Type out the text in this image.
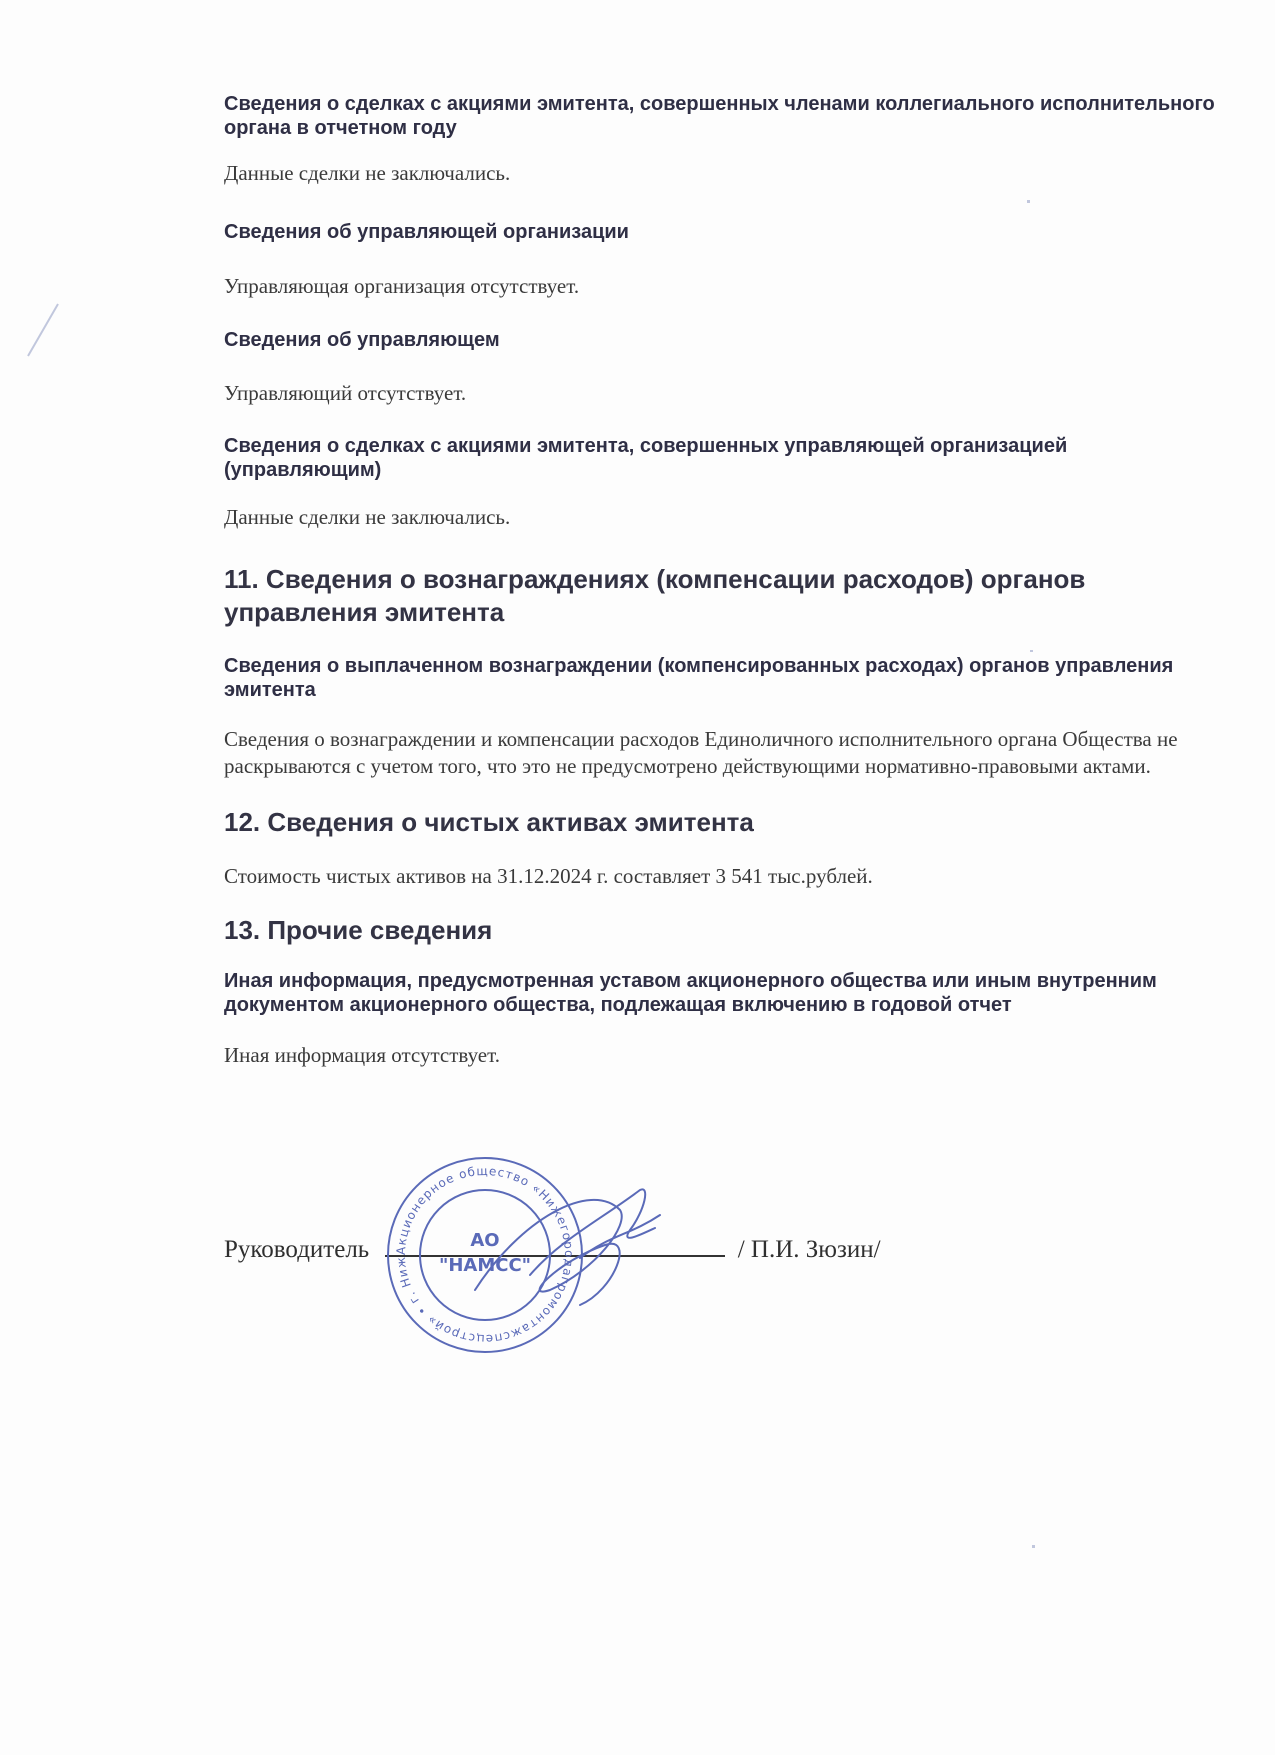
Сведения о сделках с акциями эмитента, совершенных членами коллегиального исполнительного органа в отчетном году

Данные сделки не заключались.

Сведения об управляющей организации

Управляющая организация отсутствует.

Сведения об управляющем

Управляющий отсутствует.

Сведения о сделках с акциями эмитента, совершенных управляющей организацией (управляющим)

Данные сделки не заключались.

11. Сведения о вознаграждениях (компенсации расходов) органов управления эмитента

Сведения о выплаченном вознаграждении (компенсированных расходах) органов управления эмитента

Сведения о вознаграждении и компенсации расходов Единоличного исполнительного органа Общества не раскрываются с учетом того, что это не предусмотрено действующими нормативно-правовыми актами.

12. Сведения о чистых активах эмитента

Стоимость чистых активов на 31.12.2024 г. составляет 3 541 тыс.рублей.

13. Прочие сведения

Иная информация, предусмотренная уставом акционерного общества или иным внутренним документом акционерного общества, подлежащая включению в годовой отчет

Иная информация отсутствует.

Руководитель	/ П.И. Зюзин/
Акционерное общество «Нижегородагромонтажспецстрой» • г. Ниж
АО
"НАМСС"
